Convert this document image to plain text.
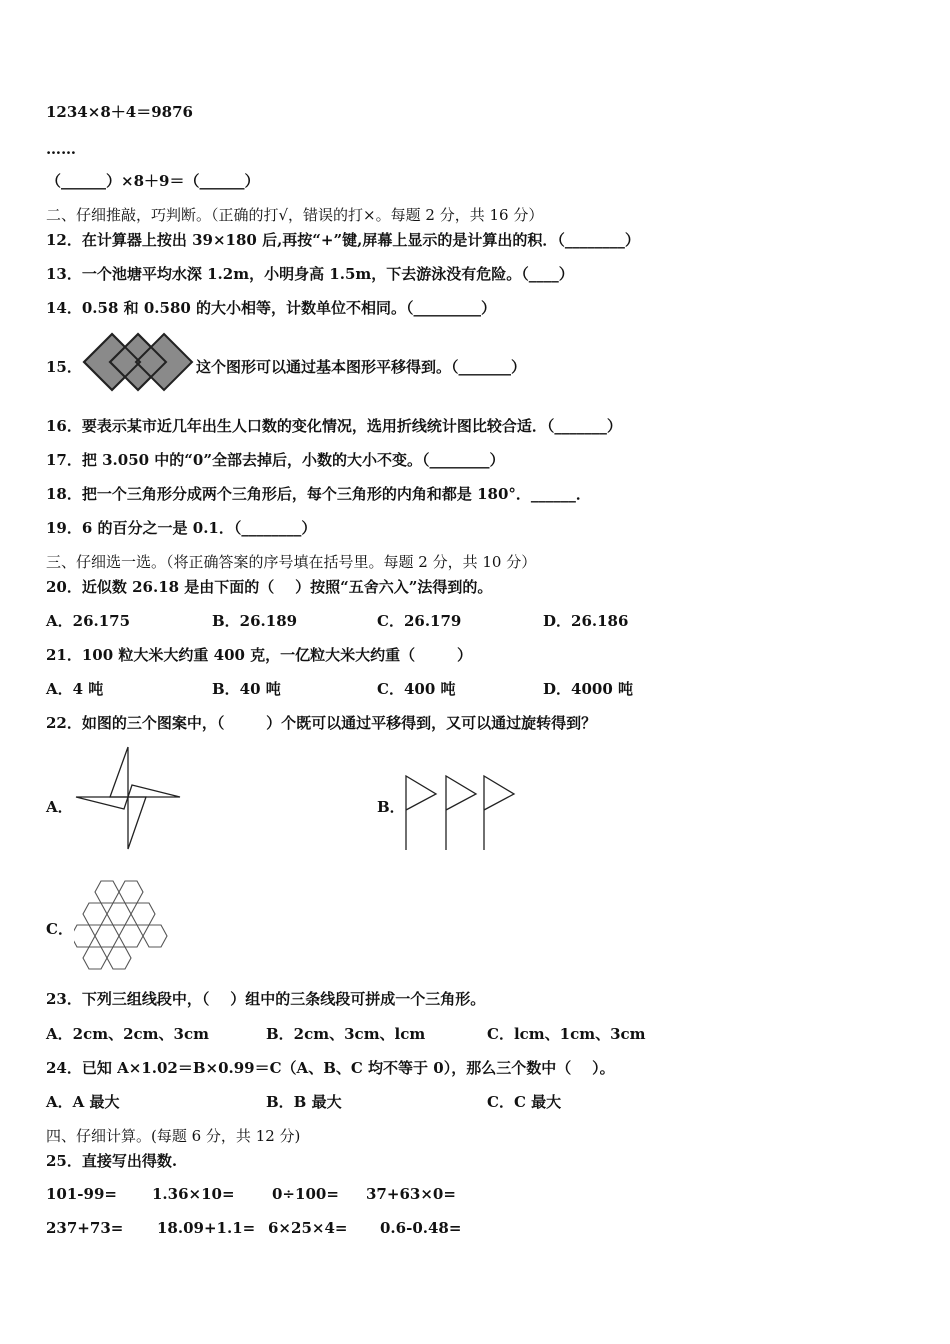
1234×8＋4＝9876
……
（______）×8＋9＝（______）
二、仔细推敲，巧判断。（正确的打√，错误的打×。每题 2 分，共 16 分）
12．在计算器上按出 39×180 后,再按“+”键,屏幕上显示的是计算出的积．（________）
13．一个池塘平均水深 1.2m，小明身高 1.5m，下去游泳没有危险。（____）
14．0.58 和 0.580 的大小相等，计数单位不相同。（_________）
15．	这个图形可以通过基本图形平移得到。（_______）
16．要表示某市近几年出生人口数的变化情况，选用折线统计图比较合适．（_______）
17．把 3.050 中的“0”全部去掉后，小数的大小不变。（________）
18．把一个三角形分成两个三角形后，每个三角形的内角和都是 180°．______．
19．6 的百分之一是 0.1．（________）
三、仔细选一选。（将正确答案的序号填在括号里。每题 2 分，共 10 分）
20．近似数 26.18 是由下面的（    ）按照“五舍六入”法得到的。
A．26.175	B．26.189	C．26.179	D．26.186
21．100 粒大米大约重 400 克，一亿粒大米大约重（        ）
A．4 吨	B．40 吨	C．400 吨	D．4000 吨
22．如图的三个图案中，（        ）个既可以通过平移得到，又可以通过旋转得到？
A．	B．
C．
23．下列三组线段中，（    ）组中的三条线段可拼成一个三角形。
A．2cm、2cm、3cm	B．2cm、3cm、lcm	C．lcm、1cm、3cm
24．已知 A×1.02＝B×0.99＝C（A、B、C 均不等于 0），那么三个数中（    ）。
A．A 最大	B．B 最大	C．C 最大
四、仔细计算。(每题 6 分，共 12 分)
25．直接写出得数.
101-99= 1.36×10= 0÷100= 37+63×0=
237+73= 18.09+1.1= 6×25×4= 0.6-0.48=
